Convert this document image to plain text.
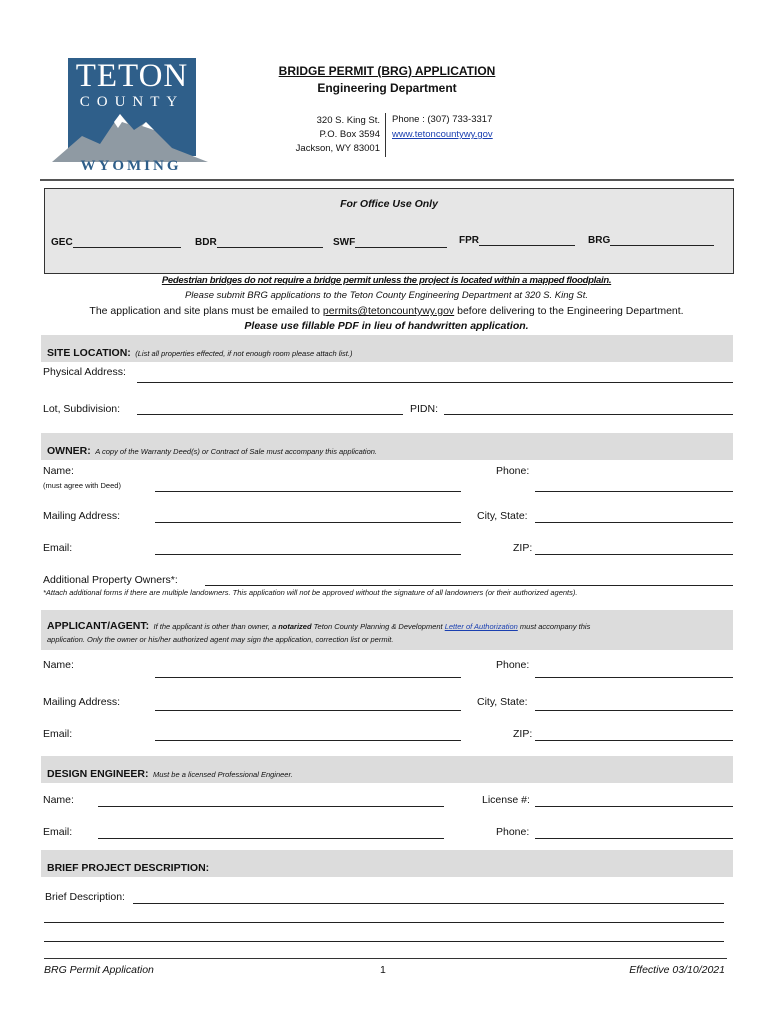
TETON
COUNTY
WYOMING
BRIDGE PERMIT (BRG) APPLICATION
Engineering Department
320 S. King St.
P.O. Box 3594
Jackson, WY 83001
Phone : (307) 733-3317
www.tetoncountywy.gov
For Office Use Only
GEC	BDR	SWF	FPR	BRG
Pedestrian bridges do not require a bridge permit unless the project is located within a mapped floodplain.
Please submit BRG applications to the Teton County Engineering Department at 320 S. King St.
The application and site plans must be emailed to permits@tetoncountywy.gov before delivering to the Engineering Department.
Please use fillable PDF in lieu of handwritten application.
SITE LOCATION: (List all properties effected, if not enough room please attach list.)
Physical Address:
Lot, Subdivision:	PIDN:
OWNER: A copy of the Warranty Deed(s) or Contract of Sale must accompany this application.
Name:
(must agree with Deed)
Phone:
Mailing Address:	City, State:
Email:	ZIP:
Additional Property Owners*:
*Attach additional forms if there are multiple landowners. This application will not be approved without the signature of all landowners (or their authorized agents).
APPLICANT/AGENT: If the applicant is other than owner, a notarized Teton County Planning & Development Letter of Authorization must accompany this
application. Only the owner or his/her authorized agent may sign the application, correction list or permit.
Name:	Phone:
Mailing Address:	City, State:
Email:	ZIP:
DESIGN ENGINEER: Must be a licensed Professional Engineer.
Name:	License #:
Email:	Phone:
BRIEF PROJECT DESCRIPTION:
Brief Description:
BRG Permit Application	1	Effective 03/10/2021
